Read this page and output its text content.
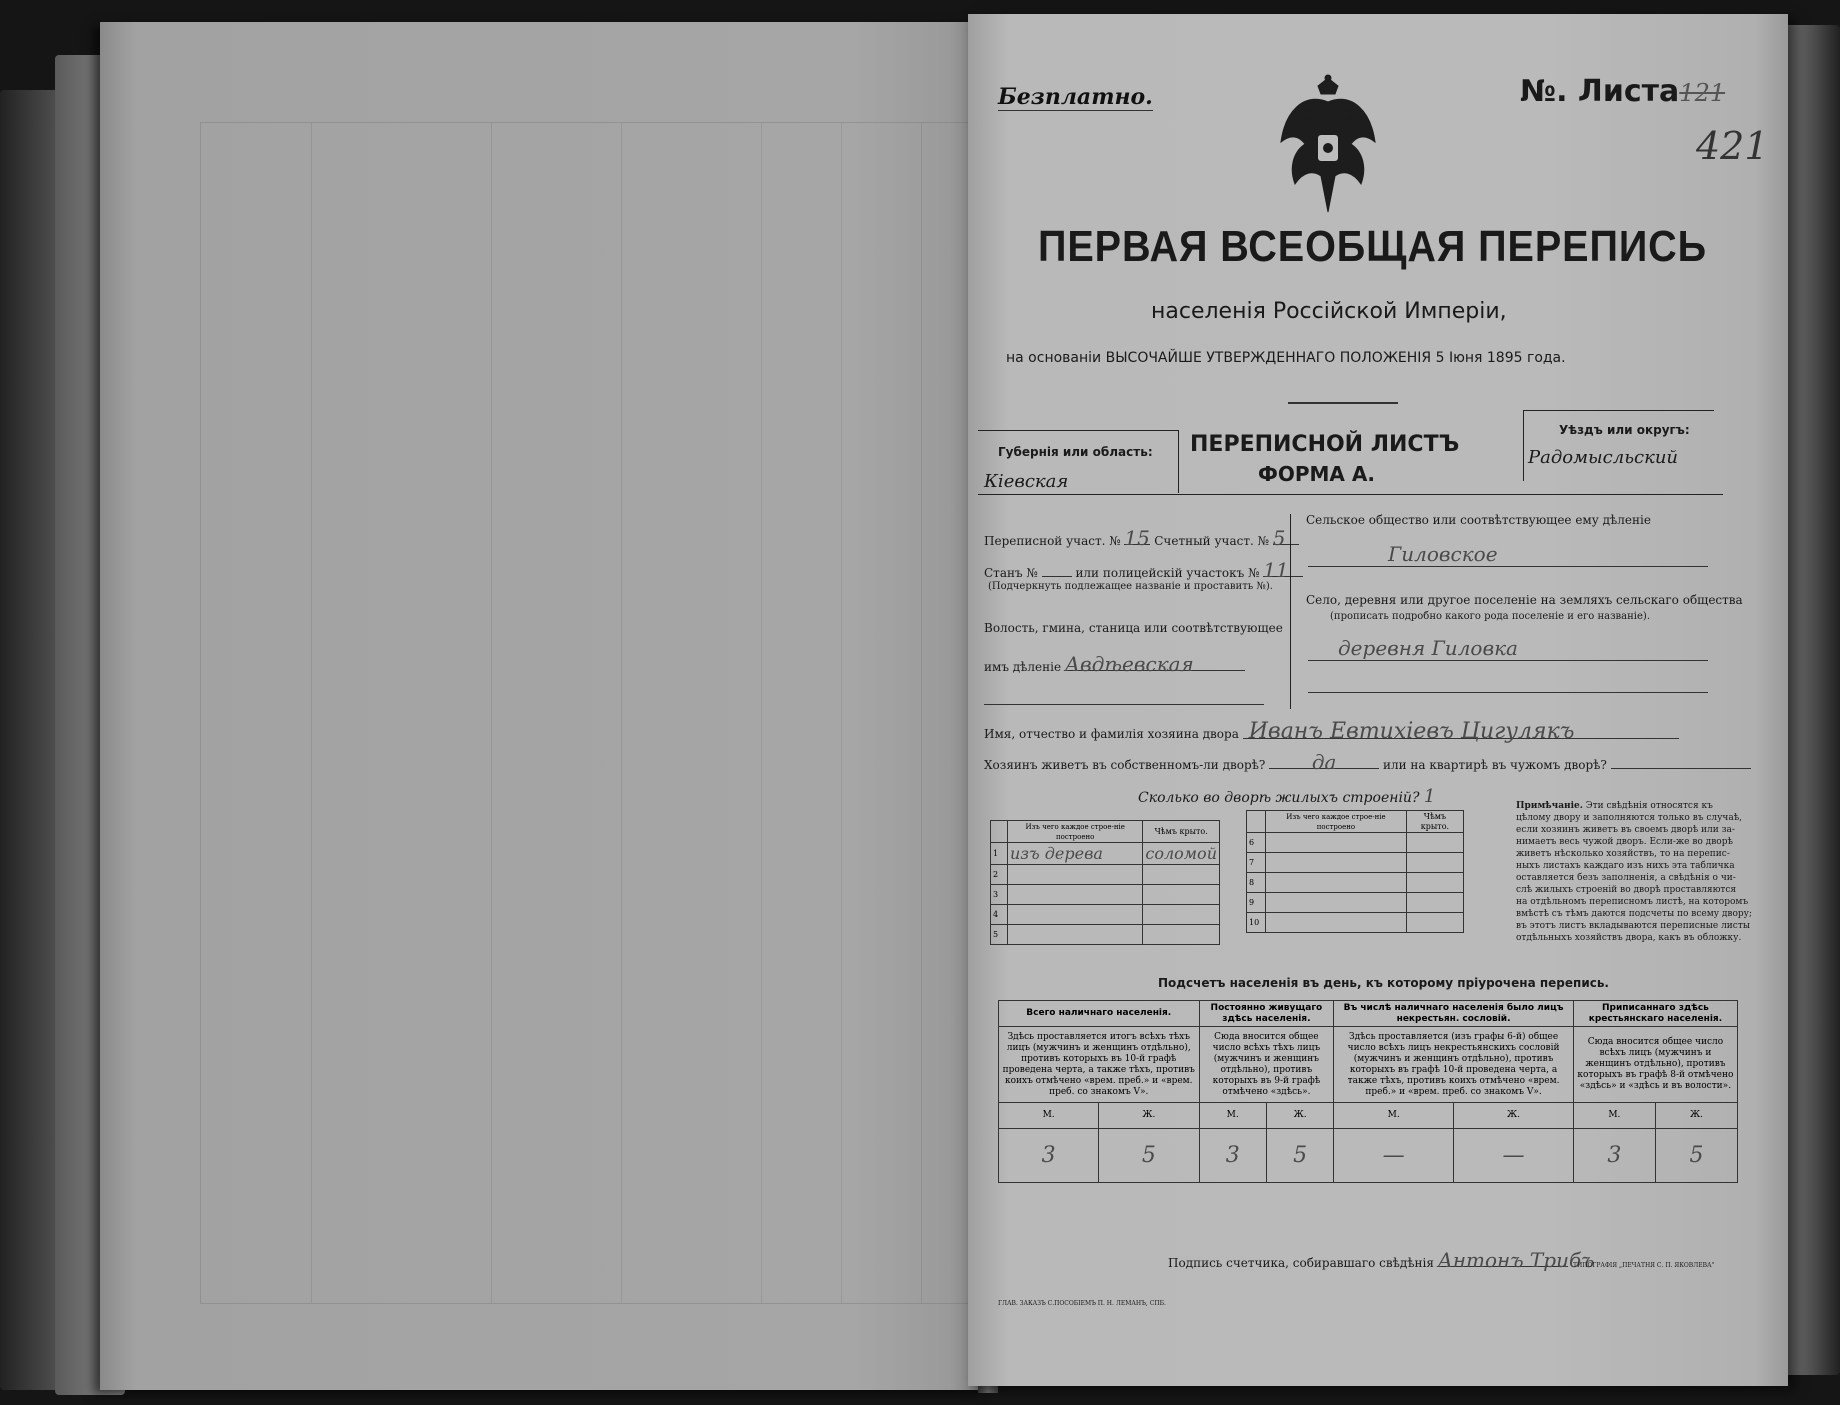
Безплатно.	№. Листа121
421
ПЕРВАЯ ВСЕОБЩАЯ ПЕРЕПИСЬ
населенія Россійской Имперіи,
на основаніи ВЫСОЧАЙШЕ УТВЕРЖДЕННАГО ПОЛОЖЕНІЯ 5 Іюня 1895 года.
Губернія или область:
Кіевская
ПЕРЕПИСНОЙ ЛИСТЪ
ФОРМА А.
Уѣздъ или округъ:
Радомысльский
Переписной участ. № 15 Счетный участ. № 5
Станъ №	или полицейскій участокъ № 11
(Подчеркнуть подлежащее названіе и проставить №).
Волость, гмина, станица или соотвѣтствующее
имъ дѣленіе Авдѣевская
Сельское общество или соотвѣтствующее ему дѣленіе
Гиловское
Село, деревня или другое поселеніе на земляхъ сельскаго общества
(прописать подробно какого рода поселеніе и его названіе).
деревня Гиловка
Имя, отчество и фамилія хозяина двора Иванъ Евтихіевъ Цигулякъ
Хозяинъ живетъ въ собственномъ-ли дворѣ? да	или на квартирѣ въ чужомъ дворѣ?
Сколько во дворѣ жилыхъ строеній? 1
	Изъ чего каждое строе-ніе построено	Чѣмъ крыто.
1	изъ дерева	соломой
2		
3		
4		
5		
	Изъ чего каждое строе-ніе построено	Чѣмъ крыто.
6		
7		
8		
9		
10		
Примѣчаніе. Эти свѣдѣнія относятся къ
цѣлому двору и заполняются только въ случаѣ,
если хозяинъ живетъ въ своемъ дворѣ или за-
нимаетъ весь чужой дворъ. Если-же во дворѣ
живетъ нѣсколько хозяйствъ, то на перепис-
ныхъ листахъ каждаго изъ нихъ эта табличка
оставляется безъ заполненія, а свѣдѣнія о чи-
слѣ жилыхъ строеній во дворѣ проставляются
на отдѣльномъ переписномъ листѣ, на которомъ
вмѣстѣ съ тѣмъ даются подсчеты по всему двору;
въ этотъ листъ вкладываются переписные листы
отдѣльныхъ хозяйствъ двора, какъ въ обложку.
Подсчетъ населенія въ день, къ которому пріурочена перепись.
Всего наличнаго населенія.		Постоянно живущаго здѣсь населенія.		Въ числѣ наличнаго населенія было лицъ некрестьян. сословій.		Приписаннаго здѣсь крестьянскаго населенія.	
Здѣсь проставляется итогъ всѣхъ тѣхъ лицъ (мужчинъ и женщинъ отдѣльно), противъ которыхъ въ 10-й графѣ проведена черта, а также тѣхъ, противъ коихъ отмѣчено «врем. преб.» и «врем. преб. со знакомъ V».		Сюда вносится общее число всѣхъ тѣхъ лицъ (мужчинъ и женщинъ отдѣльно), противъ которыхъ въ 9-й графѣ отмѣчено «здѣсь».		Здѣсь проставляется (изъ графы 6-й) общее число всѣхъ лицъ некрестьянскихъ сословій (мужчинъ и женщинъ отдѣльно), противъ которыхъ въ графѣ 10-й проведена черта, а также тѣхъ, противъ коихъ отмѣчено «врем. преб.» и «врем. преб. со знакомъ V».		Сюда вносится общее число всѣхъ лицъ (мужчинъ и женщинъ отдѣльно), противъ которыхъ въ графѣ 8-й отмѣчено «здѣсь» и «здѣсь и въ волости».	
М.	Ж.	М.	Ж.	М.	Ж.	М.	Ж.
3	5	3	5	—	—	3	5
Подпись счетчика, собиравшаго свѣдѣнія Антонъ Трибъ
ТИПОГРАФІЯ „ПЕЧАТНЯ С. П. ЯКОВЛЕВА"
ГЛАВ. ЗАКАЗЪ С.ПОСОБІЕМЪ П. Н. ЛЕМАНЪ, СПБ.
